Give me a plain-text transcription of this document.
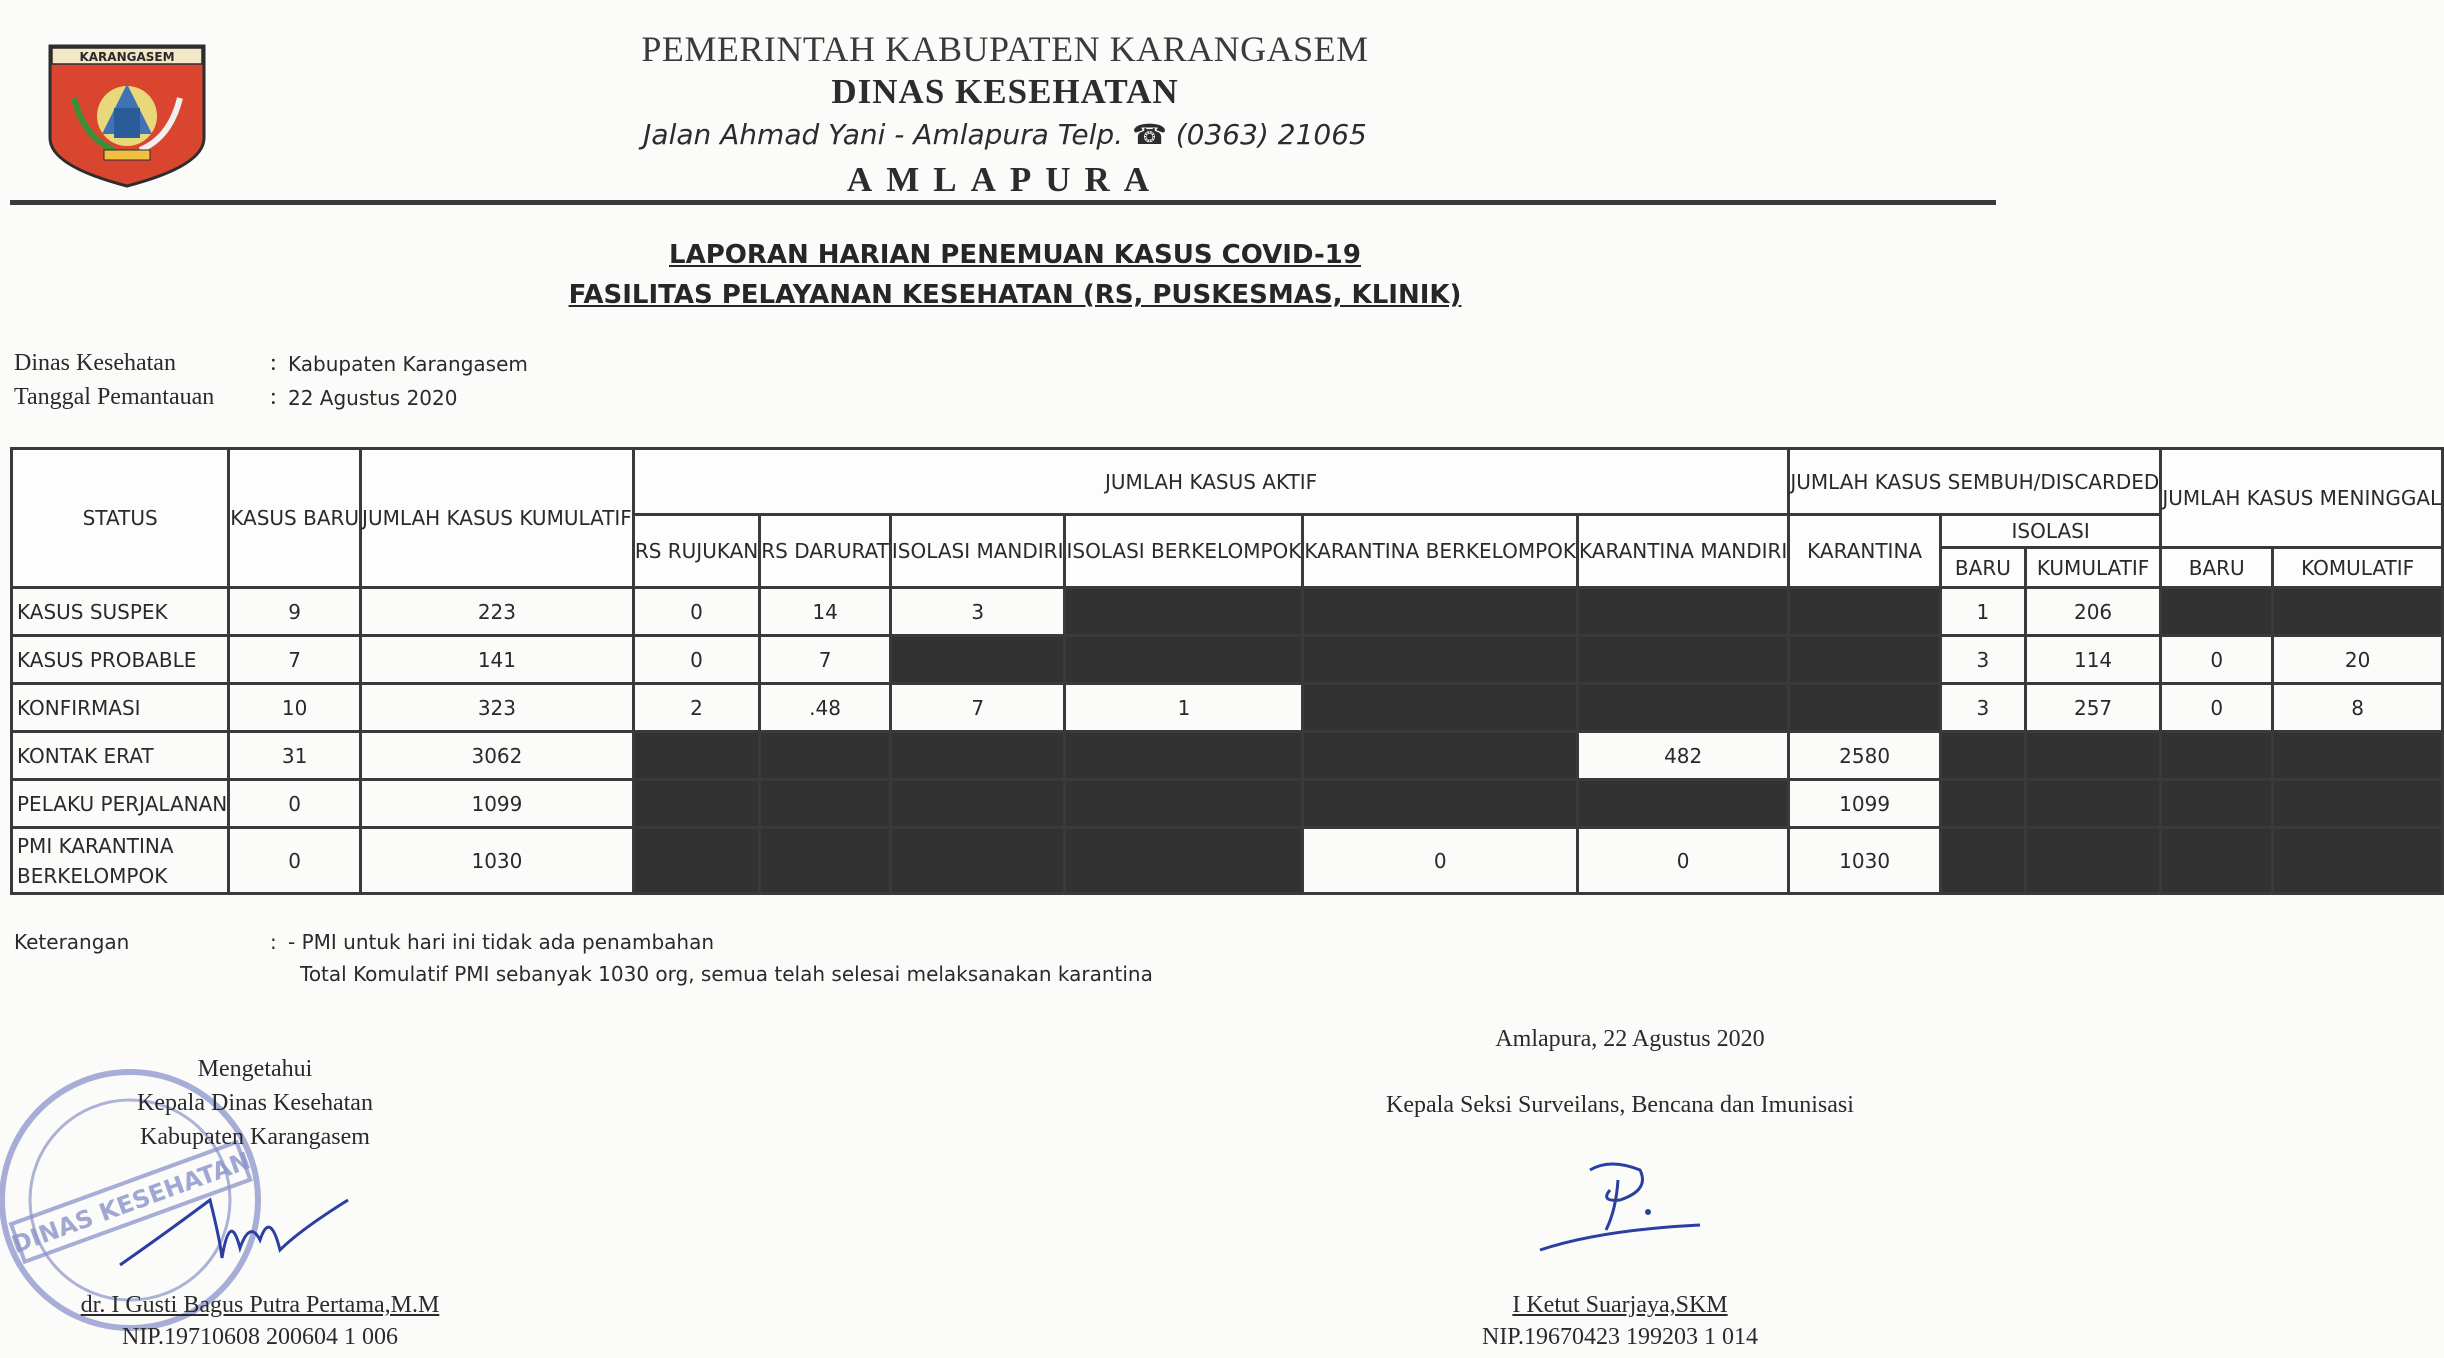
KARANGASEM	PEMERINTAH KABUPATEN KARANGASEM
DINAS KESEHATAN
Jalan Ahmad Yani - Amlapura Telp. ☎ (0363) 21065
AMLAPURA
LAPORAN HARIAN PENEMUAN KASUS COVID-19
FASILITAS PELAYANAN KESEHATAN (RS, PUSKESMAS, KLINIK)
Dinas Kesehatan	: Kabupaten Karangasem
Tanggal Pemantauan	: 22 Agustus 2020
STATUS	KASUS BARU	JUMLAH KASUS KUMULATIF	JUMLAH KASUS AKTIF						JUMLAH KASUS SEMBUH/DISCARDED			JUMLAH KASUS MENINGGAL	
			RS RUJUKAN	RS DARURAT	ISOLASI MANDIRI	ISOLASI BERKELOMPOK	KARANTINA BERKELOMPOK	KARANTINA MANDIRI	KARANTINA	ISOLASI			
										BARU	KUMULATIF	BARU	KOMULATIF
KASUS SUSPEK	9	223	0	14	3					1	206		
KASUS PROBABLE	7	141	0	7						3	114	0	20
KONFIRMASI	10	323	2	.48	7	1				3	257	0	8
KONTAK ERAT	31	3062						482	2580				
PELAKU PERJALANAN	0	1099							1099				
PMI KARANTINA BERKELOMPOK	0	1030					0	0	1030				
Keterangan	: - PMI untuk hari ini tidak ada penambahan
Total Komulatif PMI sebanyak 1030 org, semua telah selesai melaksanakan karantina
DINAS KESEHATAN
Mengetahui
Kepala Dinas Kesehatan
Kabupaten Karangasem
dr. I Gusti Bagus Putra Pertama,M.M
NIP.19710608 200604 1 006
Amlapura, 22 Agustus 2020
Kepala Seksi Surveilans, Bencana dan Imunisasi
I Ketut Suarjaya,SKM
NIP.19670423 199203 1 014
